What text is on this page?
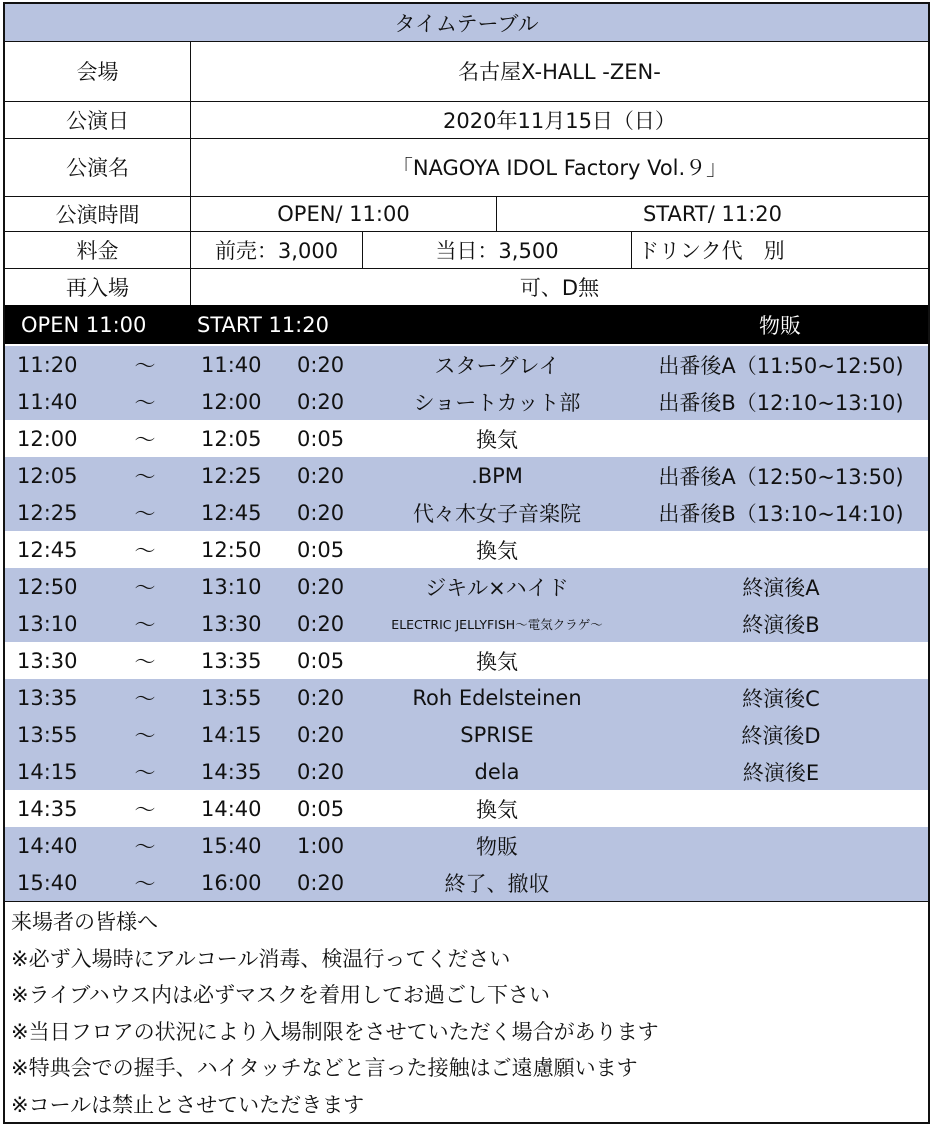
タイムテーブル
会場	名古屋X-HALL -ZEN-
公演日	2020年11月15日（日）
公演名	「NAGOYA IDOL Factory Vol.９」
公演時間	OPEN/ 11:00	START/ 11:20
料金	前売：3,000	当日：3,500	ドリンク代　別
再入場	可、D無
OPEN 11:00	START 11:20	物販
11:20	〜	11:40	0:20	スターグレイ	出番後A（11:50~12:50)
11:40	〜	12:00	0:20	ショートカット部	出番後B（12:10~13:10)
12:00	〜	12:05	0:05	換気
12:05	〜	12:25	0:20	.BPM	出番後A（12:50~13:50)
12:25	〜	12:45	0:20	代々木女子音楽院	出番後B（13:10~14:10)
12:45	〜	12:50	0:05	換気
12:50	〜	13:10	0:20	ジキル×ハイド	終演後A
13:10	〜	13:30	0:20	ELECTRIC JELLYFISH〜電気クラゲ〜	終演後B
13:30	〜	13:35	0:05	換気
13:35	〜	13:55	0:20	Roh Edelsteinen	終演後C
13:55	〜	14:15	0:20	SPRISE	終演後D
14:15	〜	14:35	0:20	dela	終演後E
14:35	〜	14:40	0:05	換気
14:40	〜	15:40	1:00	物販
15:40	〜	16:00	0:20	終了、撤収
来場者の皆様へ
※必ず入場時にアルコール消毒、検温行ってください
※ライブハウス内は必ずマスクを着用してお過ごし下さい
※当日フロアの状況により入場制限をさせていただく場合があります
※特典会での握手、ハイタッチなどと言った接触はご遠慮願います
※コールは禁止とさせていただきます
